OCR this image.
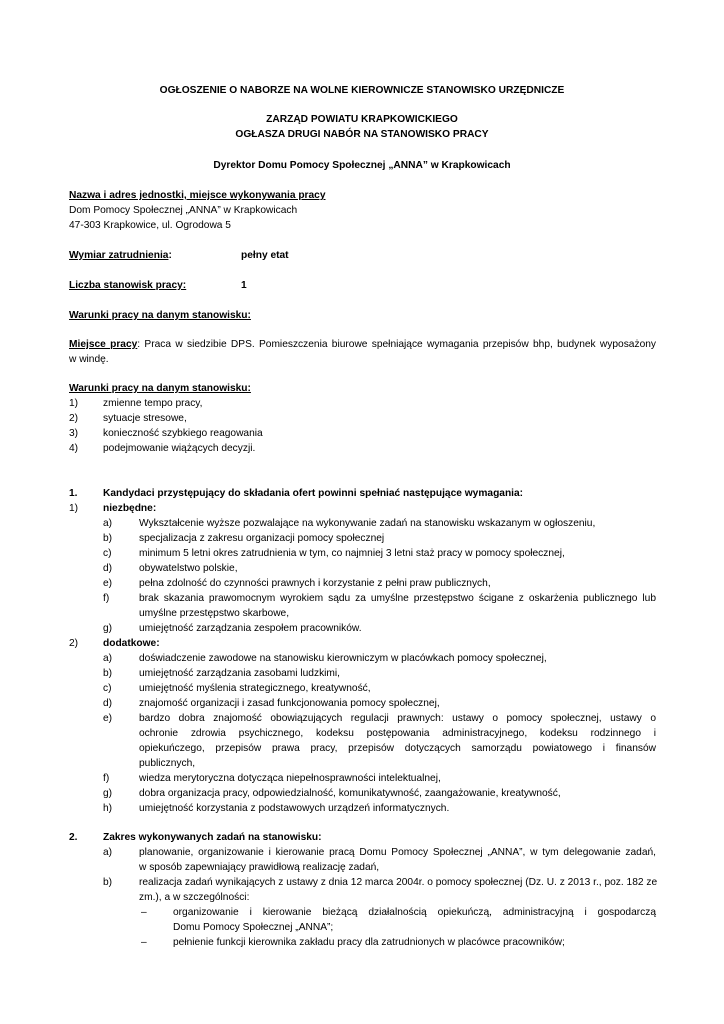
OGŁOSZENIE O NABORZE NA WOLNE KIEROWNICZE STANOWISKO URZĘDNICZE
ZARZĄD POWIATU KRAPKOWICKIEGO
OGŁASZA DRUGI NABÓR NA STANOWISKO PRACY
Dyrektor Domu Pomocy Społecznej „ANNA” w Krapkowicach
Nazwa i adres jednostki, miejsce wykonywania pracy
Dom Pomocy Społecznej „ANNA” w Krapkowicach
47-303 Krapkowice, ul. Ogrodowa 5
Wymiar zatrudnienia:	pełny etat
Liczba stanowisk pracy:	1
Warunki pracy na danym stanowisku:
Miejsce pracy: Praca w siedzibie DPS. Pomieszczenia biurowe spełniające wymagania przepisów bhp, budynek wyposażony
w windę.
Warunki pracy na danym stanowisku:
1) zmienne tempo pracy,
2) sytuacje stresowe,
3) konieczność szybkiego reagowania
4) podejmowanie wiążących decyzji.
1.	Kandydaci przystępujący do składania ofert powinni spełniać następujące wymagania:
1) niezbędne:
a)	Wykształcenie wyższe pozwalające na wykonywanie zadań na stanowisku wskazanym w ogłoszeniu,
b)	specjalizacja z zakresu organizacji pomocy społecznej
c)	minimum 5 letni okres zatrudnienia w tym, co najmniej 3 letni staż pracy w pomocy społecznej,
d)	obywatelstwo polskie,
e)	pełna zdolność do czynności prawnych i korzystanie z pełni praw publicznych,
f)	brak skazania prawomocnym wyrokiem sądu za umyślne przestępstwo ścigane z oskarżenia publicznego lub
umyślne przestępstwo skarbowe,
g)	umiejętność zarządzania zespołem pracowników.
2) dodatkowe:
a)	doświadczenie zawodowe na stanowisku kierowniczym w placówkach pomocy społecznej,
b)	umiejętność zarządzania zasobami ludzkimi,
c)	umiejętność myślenia strategicznego, kreatywność,
d)	znajomość organizacji i zasad funkcjonowania pomocy społecznej,
e)	bardzo dobra znajomość obowiązujących regulacji prawnych: ustawy o pomocy społecznej, ustawy o
ochronie zdrowia psychicznego, kodeksu postępowania administracyjnego, kodeksu rodzinnego i
opiekuńczego, przepisów prawa pracy, przepisów dotyczących samorządu powiatowego i finansów
publicznych,
f)	wiedza merytoryczna dotycząca niepełnosprawności intelektualnej,
g)	dobra organizacja pracy, odpowiedzialność, komunikatywność, zaangażowanie, kreatywność,
h)	umiejętność korzystania z podstawowych urządzeń informatycznych.
2.	Zakres wykonywanych zadań na stanowisku:
a)	planowanie, organizowanie i kierowanie pracą Domu Pomocy Społecznej „ANNA”, w tym delegowanie zadań,
w sposób zapewniający prawidłową realizację zadań,
b)	realizacja zadań wynikających z ustawy z dnia 12 marca 2004r. o pomocy społecznej (Dz. U. z 2013 r., poz. 182 ze
zm.), a w szczególności:
–	organizowanie i kierowanie bieżącą działalnością opiekuńczą, administracyjną i gospodarczą
Domu Pomocy Społecznej „ANNA”;
–	pełnienie funkcji kierownika zakładu pracy dla zatrudnionych w placówce pracowników;
